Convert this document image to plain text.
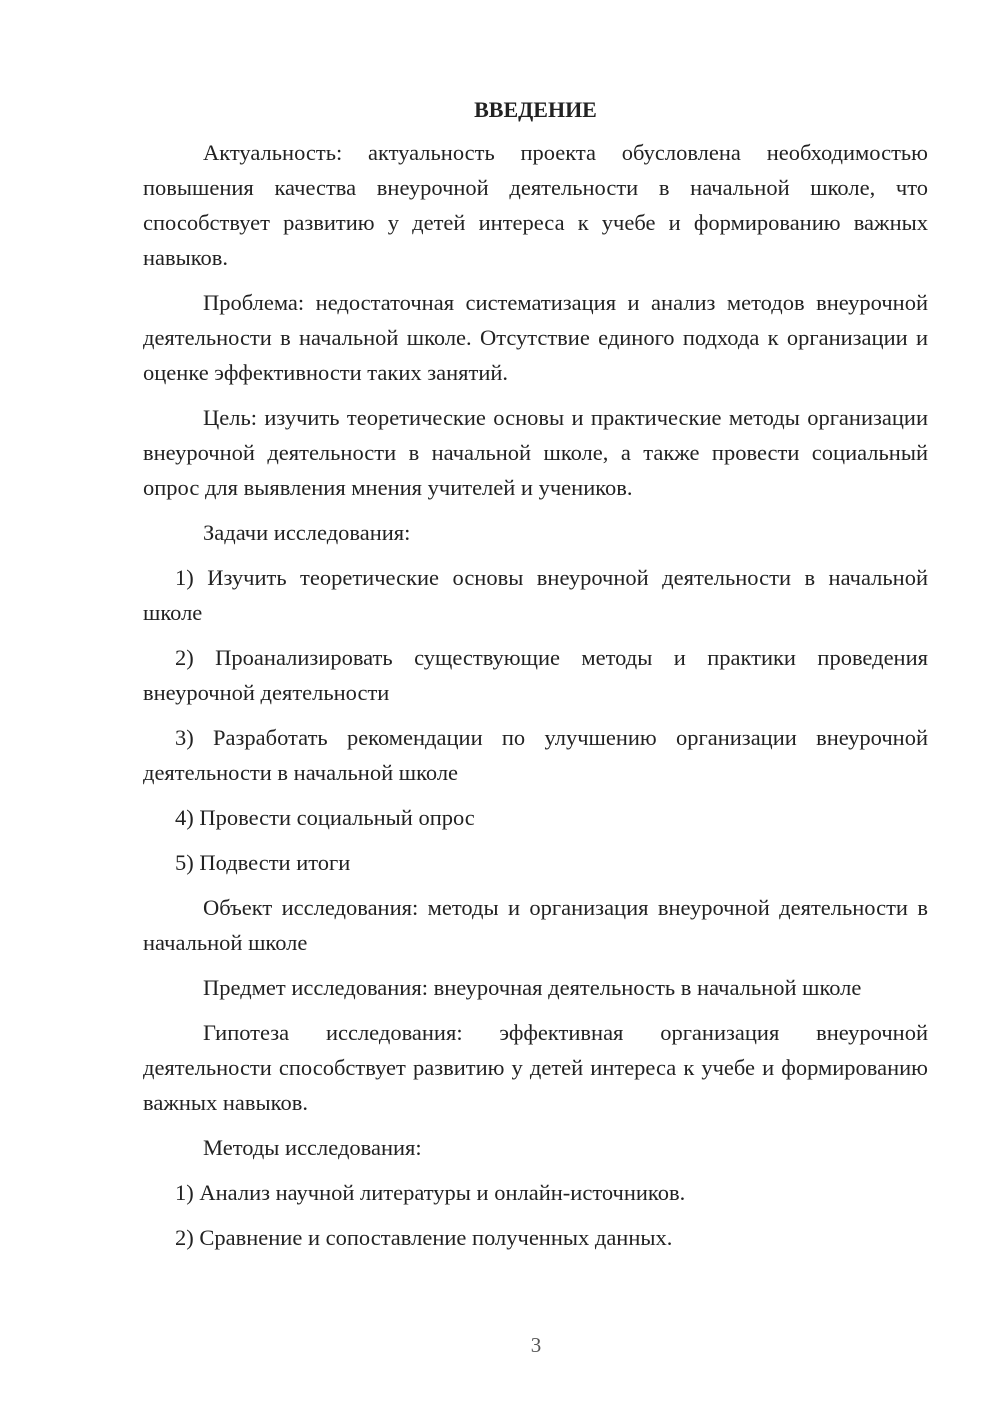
ВВЕДЕНИЕ

Актуальность: актуальность проекта обусловлена необходимостью повышения качества внеурочной деятельности в начальной школе, что способствует развитию у детей интереса к учебе и формированию важных навыков.

Проблема: недостаточная систематизация и анализ методов внеурочной деятельности в начальной школе. Отсутствие единого подхода к организации и оценке эффективности таких занятий.

Цель: изучить теоретические основы и практические методы организации внеурочной деятельности в начальной школе, а также провести социальный опрос для выявления мнения учителей и учеников.

Задачи исследования:

1) Изучить теоретические основы внеурочной деятельности в начальной школе

2) Проанализировать существующие методы и практики проведения внеурочной деятельности

3) Разработать рекомендации по улучшению организации внеурочной деятельности в начальной школе

4) Провести социальный опрос

5) Подвести итоги

Объект исследования: методы и организация внеурочной деятельности в начальной школе

Предмет исследования: внеурочная деятельность в начальной школе

Гипотеза исследования: эффективная организация внеурочной деятельности способствует развитию у детей интереса к учебе и формированию важных навыков.

Методы исследования:

1) Анализ научной литературы и онлайн-источников.

2) Сравнение и сопоставление полученных данных.

3
